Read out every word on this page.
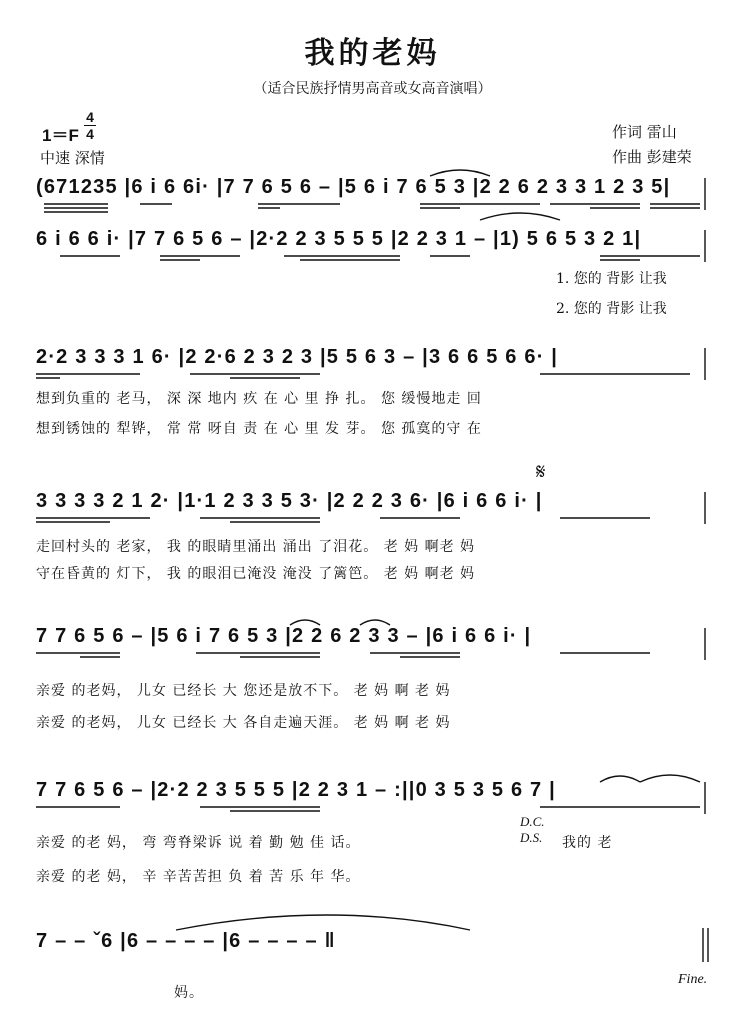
我的老妈
（适合民族抒情男高音或女高音演唱）
1＝F
4
4
中速 深情
作词 雷山
作曲 彭建荣
(671235 |6 i 6 6i· |7 7 6 5 6 – |5 6 i 7 6 5 3 |2 2 6 2 3 3 1 2 3 5|
6 i 6 6 i· |7 7 6 5 6 – |2·2 2 3 5 5 5 |2 2 3 1 – |1) 5 6 5 3 2 1|
1. 您的 背影 让我
2. 您的 背影 让我
2·2 3 3 3 1 6· |2 2·6 2 3 2 3 |5 5 6 3 – |3 6 6 5 6 6· |
想到负重的 老马， 深 深 地内 疚 在 心 里 挣 扎。 您 缓慢地走 回
想到锈蚀的 犁铧， 常 常 呀自 责 在 心 里 发 芽。 您 孤寞的守 在
𝄋
3 3 3 3 2 1 2· |1·1 2 3 3 5 3· |2 2 2 3 6· |6 i 6 6 i· |
走回村头的 老家， 我 的眼睛里涌出 涌出 了泪花。 老 妈 啊老 妈
守在昏黄的 灯下， 我 的眼泪已淹没 淹没 了篱笆。 老 妈 啊老 妈
7 7 6 5 6 – |5 6 i 7 6 5 3 |2 2 6 2 3 3 – |6 i 6 6 i· |
亲爱 的老妈， 儿女 已经长 大 您还是放不下。 老 妈 啊 老 妈
亲爱 的老妈， 儿女 已经长 大 各自走遍天涯。 老 妈 啊 老 妈
7 7 6 5 6 – |2·2 2 3 5 5 5 |2 2 3 1 – :||0 3 5 3 5 6 7 |
亲爱 的老 妈， 弯 弯脊梁诉 说 着 勤 勉 佳 话。
亲爱 的老 妈， 辛 辛苦苦担 负 着 苦 乐 年 华。
D.C.
D.S. 我的 老
7 – – ˇ6 |6 – – – – |6 – – – – ‖
妈。
Fine.
